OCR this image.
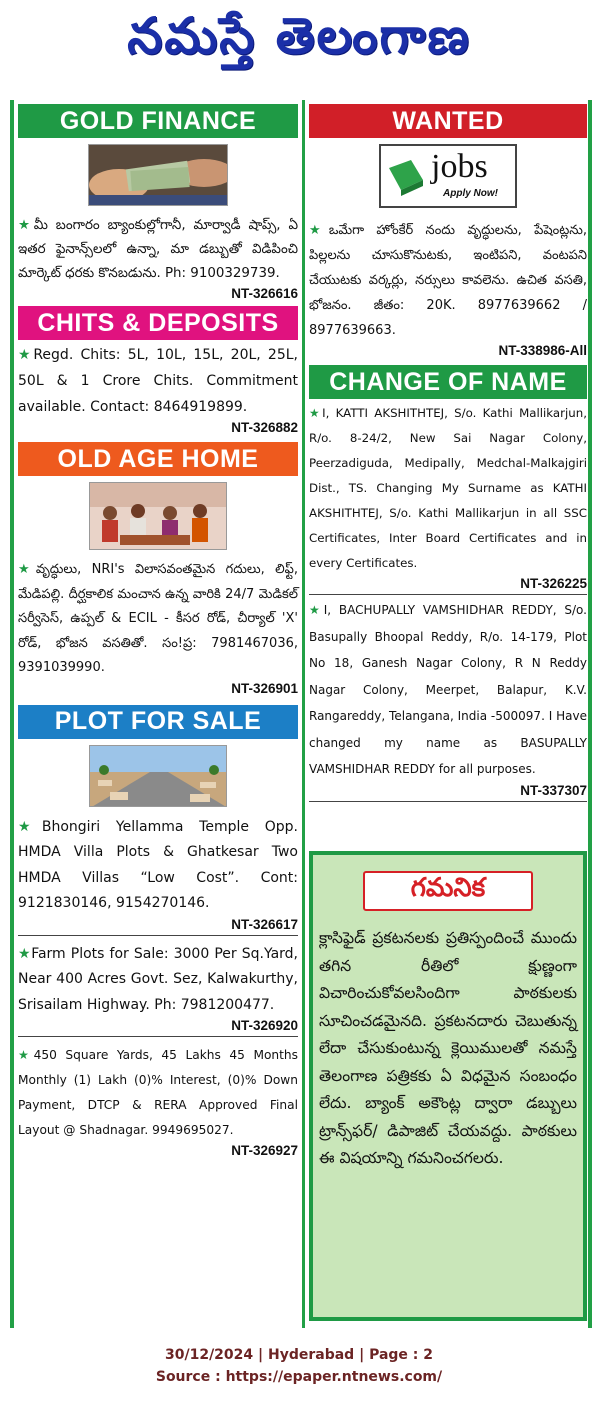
నమస్తే తెలంగాణ
GOLD FINANCE

★మీ బంగారం బ్యాంకుల్లోగానీ, మార్వాడీ షాప్స్, ఏ ఇతర ఫైనాన్స్‌లలో ఉన్నా, మా డబ్బుతో విడిపించి మార్కెట్ ధరకు కొనబడును. Ph: 9100329739.

NT-326616
CHITS & DEPOSITS

★Regd. Chits: 5L, 10L, 15L, 20L, 25L, 50L & 1 Crore Chits. Commitment available. Contact: 8464919899.

NT-326882
OLD AGE HOME

★వృద్ధులు, NRI's విలాసవంతమైన గదులు, లిఫ్ట్, మేడిపల్లి. దీర్ఘకాలిక మంచాన ఉన్న వారికి 24/7 మెడికల్ సర్వీసెస్, ఉప్పల్ & ECIL - కీసర రోడ్, చీర్యాల్ 'X' రోడ్, భోజన వసతితో. సం!ప్ర: 7981467036, 9391039990.

NT-326901
PLOT FOR SALE

★Bhongiri Yellamma Temple Opp. HMDA Villa Plots & Ghatkesar Two HMDA Villas “Low Cost”. Cont: 9121830146, 9154270146.

NT-326617

★Farm Plots for Sale: 3000 Per Sq.Yard, Near 400 Acres Govt. Sez, Kalwakurthy, Srisailam Highway. Ph: 7981200477.

NT-326920

★450 Square Yards, 45 Lakhs 45 Months Monthly (1) Lakh (0)% Interest, (0)% Down Payment, DTCP & RERA Approved Final Layout @ Shadnagar. 9949695027.

NT-326927
WANTED
jobs
Apply Now!

★ఒమేగా హోంకేర్ నందు వృద్ధులను, పేషెంట్లను, పిల్లలను చూసుకొనుటకు, ఇంటిపని, వంటపని చేయుటకు వర్కర్లు, నర్సులు కావలెను. ఉచిత వసతి, భోజనం. జీతం: 20K. 8977639662 / 8977639663.

NT-338986-All
CHANGE OF NAME

★I, KATTI AKSHITHTEJ, S/o. Kathi Mallikarjun, R/o. 8-24/2, New Sai Nagar Colony, Peerzadiguda, Medipally, Medchal-Malkajgiri Dist., TS. Changing My Surname as KATHI AKSHITHTEJ, S/o. Kathi Mallikarjun in all SSC Certificates, Inter Board Certificates and in every Certificates.

NT-326225

★I, BACHUPALLY VAMSHIDHAR REDDY, S/o. Basupally Bhoopal Reddy, R/o. 14-179, Plot No 18, Ganesh Nagar Colony, R N Reddy Nagar Colony, Meerpet, Balapur, K.V. Rangareddy, Telangana, India -500097. I Have changed my name as BASUPALLY VAMSHIDHAR REDDY for all purposes.

NT-337307
గమనిక

క్లాసిఫైడ్ ప్రకటనలకు ప్రతిస్పందించే ముందు తగిన రీతిలో క్షుణ్ణంగా విచారించుకోవలసిందిగా పాఠకులకు సూచించడమైనది. ప్రకటనదారు చెబుతున్న లేదా చేసుకుంటున్న క్లెయిములతో నమస్తే తెలంగాణ పత్రికకు ఏ విధమైన సంబంధం లేదు. బ్యాంక్ అకౌంట్ల ద్వారా డబ్బులు ట్రాన్స్‌ఫర్/ డిపాజిట్ చేయవద్దు. పాఠకులు ఈ విషయాన్ని గమనించగలరు.

30/12/2024 | Hyderabad | Page : 2
Source : https://epaper.ntnews.com/
